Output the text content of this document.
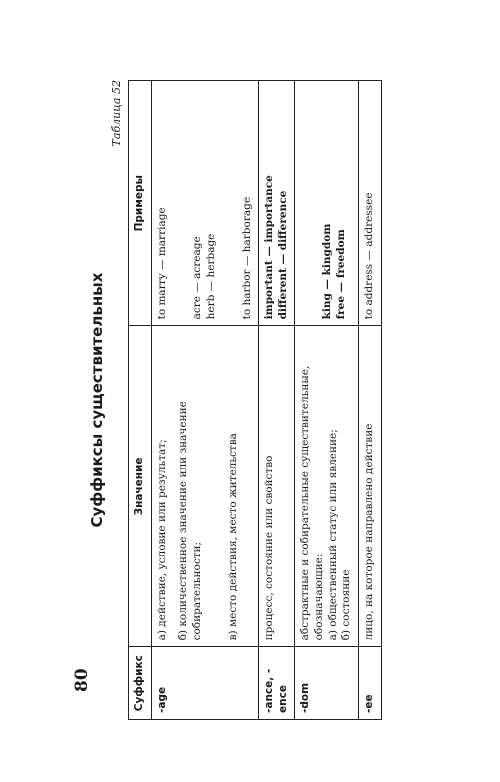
80
Суффиксы существительных
Таблица 52
Суффикс	Значение	Примеры
-age	а) действие, условие или результат; б) количественное значение или значение собирательности; в) место действия, место жительства	to marry — marriage acre — acreage herb — herbage to harbor — harborage

-ance, -ence	процесс, состояние или свойство	important — importance different — difference

-dom	абстрактные и собирательные существительные, обозначающие: а) общественный статус или явление; б) состояние	king — kingdom free — freedom

-ee	лицо, на которое направлено действие	to address — addressee
